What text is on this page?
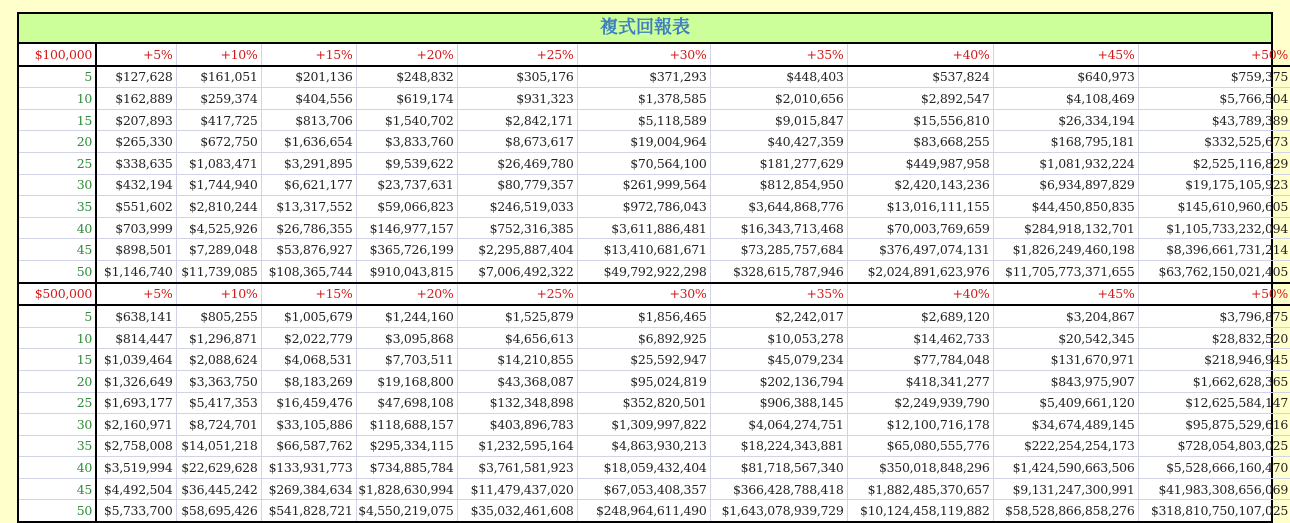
複式回報表
$100,000	+5%	+10%	+15%	+20%	+25%	+30%	+35%	+40%	+45%	+50%
5	$127,628	$161,051	$201,136	$248,832	$305,176	$371,293	$448,403	$537,824	$640,973	$759,375
10	$162,889	$259,374	$404,556	$619,174	$931,323	$1,378,585	$2,010,656	$2,892,547	$4,108,469	$5,766,504
15	$207,893	$417,725	$813,706	$1,540,702	$2,842,171	$5,118,589	$9,015,847	$15,556,810	$26,334,194	$43,789,389
20	$265,330	$672,750	$1,636,654	$3,833,760	$8,673,617	$19,004,964	$40,427,359	$83,668,255	$168,795,181	$332,525,673
25	$338,635	$1,083,471	$3,291,895	$9,539,622	$26,469,780	$70,564,100	$181,277,629	$449,987,958	$1,081,932,224	$2,525,116,829
30	$432,194	$1,744,940	$6,621,177	$23,737,631	$80,779,357	$261,999,564	$812,854,950	$2,420,143,236	$6,934,897,829	$19,175,105,923
35	$551,602	$2,810,244	$13,317,552	$59,066,823	$246,519,033	$972,786,043	$3,644,868,776	$13,016,111,155	$44,450,850,835	$145,610,960,605
40	$703,999	$4,525,926	$26,786,355	$146,977,157	$752,316,385	$3,611,886,481	$16,343,713,468	$70,003,769,659	$284,918,132,701	$1,105,733,232,094
45	$898,501	$7,289,048	$53,876,927	$365,726,199	$2,295,887,404	$13,410,681,671	$73,285,757,684	$376,497,074,131	$1,826,249,460,198	$8,396,661,731,214
50	$1,146,740	$11,739,085	$108,365,744	$910,043,815	$7,006,492,322	$49,792,922,298	$328,615,787,946	$2,024,891,623,976	$11,705,773,371,655	$63,762,150,021,405
$500,000	+5%	+10%	+15%	+20%	+25%	+30%	+35%	+40%	+45%	+50%
5	$638,141	$805,255	$1,005,679	$1,244,160	$1,525,879	$1,856,465	$2,242,017	$2,689,120	$3,204,867	$3,796,875
10	$814,447	$1,296,871	$2,022,779	$3,095,868	$4,656,613	$6,892,925	$10,053,278	$14,462,733	$20,542,345	$28,832,520
15	$1,039,464	$2,088,624	$4,068,531	$7,703,511	$14,210,855	$25,592,947	$45,079,234	$77,784,048	$131,670,971	$218,946,945
20	$1,326,649	$3,363,750	$8,183,269	$19,168,800	$43,368,087	$95,024,819	$202,136,794	$418,341,277	$843,975,907	$1,662,628,365
25	$1,693,177	$5,417,353	$16,459,476	$47,698,108	$132,348,898	$352,820,501	$906,388,145	$2,249,939,790	$5,409,661,120	$12,625,584,147
30	$2,160,971	$8,724,701	$33,105,886	$118,688,157	$403,896,783	$1,309,997,822	$4,064,274,751	$12,100,716,178	$34,674,489,145	$95,875,529,616
35	$2,758,008	$14,051,218	$66,587,762	$295,334,115	$1,232,595,164	$4,863,930,213	$18,224,343,881	$65,080,555,776	$222,254,254,173	$728,054,803,025
40	$3,519,994	$22,629,628	$133,931,773	$734,885,784	$3,761,581,923	$18,059,432,404	$81,718,567,340	$350,018,848,296	$1,424,590,663,506	$5,528,666,160,470
45	$4,492,504	$36,445,242	$269,384,634	$1,828,630,994	$11,479,437,020	$67,053,408,357	$366,428,788,418	$1,882,485,370,657	$9,131,247,300,991	$41,983,308,656,069
50	$5,733,700	$58,695,426	$541,828,721	$4,550,219,075	$35,032,461,608	$248,964,611,490	$1,643,078,939,729	$10,124,458,119,882	$58,528,866,858,276	$318,810,750,107,025
